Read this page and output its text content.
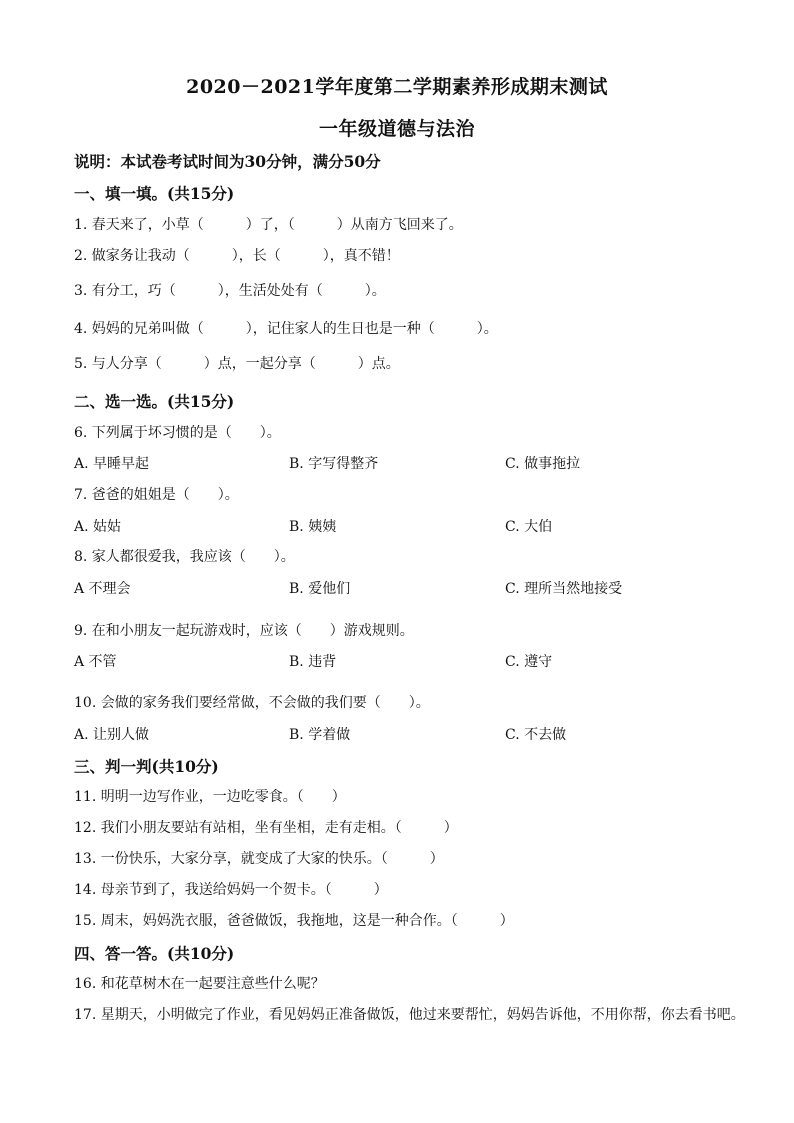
2020－2021学年度第二学期素养形成期末测试
一年级道德与法治
说明：本试卷考试时间为30分钟，满分50分
一、填一填。(共15分)
1. 春天来了，小草（　　　）了，（　　　）从南方飞回来了。
2. 做家务让我动（　　　），长（　　　），真不错！
3. 有分工，巧（　　　），生活处处有（　　　）。
4. 妈妈的兄弟叫做（　　　），记住家人的生日也是一种（　　　）。
5. 与人分享（　　　）点，一起分享（　　　）点。
二、选一选。(共15分)
6. 下列属于坏习惯的是（　　）。
A. 早睡早起	B. 字写得整齐	C. 做事拖拉
7. 爸爸的姐姐是（　　）。
A. 姑姑	B. 姨姨	C. 大伯
8. 家人都很爱我，我应该（　　）。
A 不理会	B. 爱他们	C. 理所当然地接受
9. 在和小朋友一起玩游戏时，应该（　　）游戏规则。
A 不管	B. 违背	C. 遵守
10. 会做的家务我们要经常做，不会做的我们要（　　）。
A. 让别人做	B. 学着做	C. 不去做
三、判一判(共10分)
11. 明明一边写作业，一边吃零食。（　　）
12. 我们小朋友要站有站相，坐有坐相，走有走相。（　　　）
13. 一份快乐，大家分享，就变成了大家的快乐。（　　　）
14. 母亲节到了，我送给妈妈一个贺卡。（　　　）
15. 周末，妈妈洗衣服，爸爸做饭，我拖地，这是一种合作。（　　　）
四、答一答。(共10分)
16. 和花草树木在一起要注意些什么呢？
17. 星期天，小明做完了作业，看见妈妈正准备做饭，他过来要帮忙，妈妈告诉他，不用你帮，你去看书吧。
